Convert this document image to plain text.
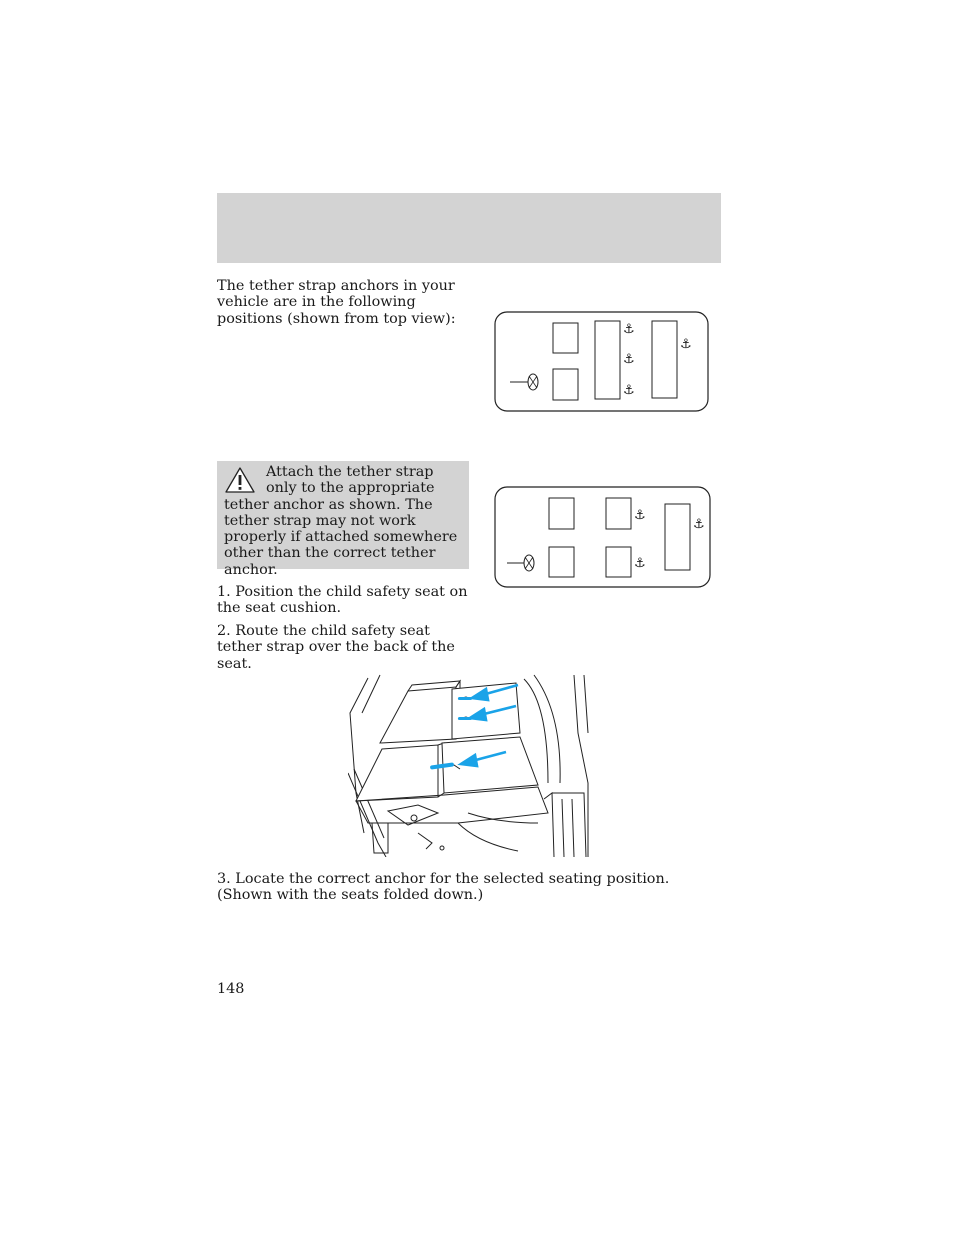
The tether strap anchors in your vehicle are in the following positions (shown from top view):
⚓
⚓
⚓
⚓
Attach the tether strap only to the appropriate tether anchor as shown. The tether strap may not work properly if attached somewhere other than the correct tether anchor.
⚓
⚓
⚓
1. Position the child safety seat on the seat cushion.
2. Route the child safety seat tether strap over the back of the seat.
3. Locate the correct anchor for the selected seating position. (Shown with the seats folded down.)
148
